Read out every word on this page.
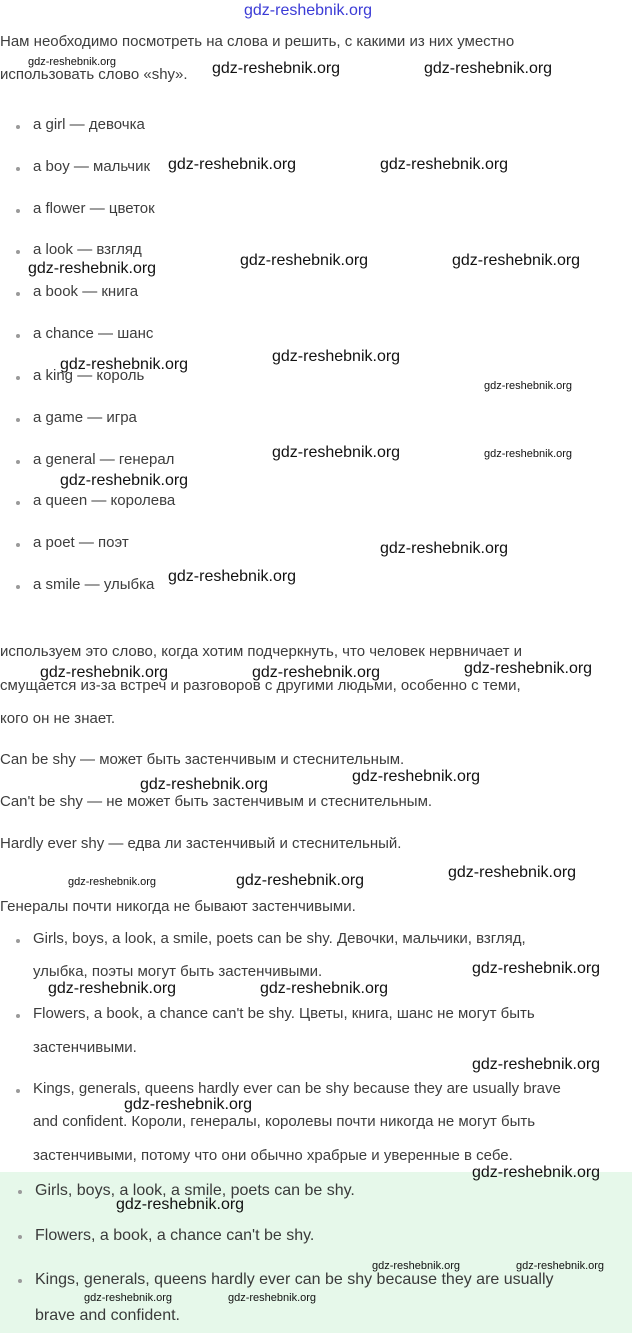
gdz-reshebnik.org
Нам необходимо посмотреть на слова и решить, с какими из них уместно
использовать слово «shy».
a girl — девочка
a boy — мальчик
a flower — цветок
a look — взгляд
a book — книга
a chance — шанс
a king — король
a game — игра
a general — генерал
a queen — королева
a poet — поэт
a smile — улыбка
используем это слово, когда хотим подчеркнуть, что человек нервничает и
смущается из-за встреч и разговоров с другими людьми, особенно с теми,
кого он не знает.
Can be shy — может быть застенчивым и стеснительным.
Can't be shy — не может быть застенчивым и стеснительным.
Hardly ever shy — едва ли застенчивый и стеснительный.
Генералы почти никогда не бывают застенчивыми.
Girls, boys, a look, a smile, poets can be shy. Девочки, мальчики, взгляд,
улыбка, поэты могут быть застенчивыми.
Flowers, a book, a chance can't be shy. Цветы, книга, шанс не могут быть
застенчивыми.
Kings, generals, queens hardly ever can be shy because they are usually brave
and confident. Короли, генералы, королевы почти никогда не могут быть
застенчивыми, потому что они обычно храбрые и уверенные в себе.
Girls, boys, a look, a smile, poets can be shy.
Flowers, a book, a chance can't be shy.
Kings, generals, queens hardly ever can be shy because they are usually
brave and confident.
gdz-reshebnik.org	gdz-reshebnik.org	gdz-reshebnik.org
gdz-reshebnik.org	gdz-reshebnik.org
gdz-reshebnik.org	gdz-reshebnik.org
gdz-reshebnik.org
gdz-reshebnik.org
gdz-reshebnik.org
gdz-reshebnik.org
gdz-reshebnik.org	gdz-reshebnik.org
gdz-reshebnik.org
gdz-reshebnik.org
gdz-reshebnik.org
gdz-reshebnik.org
gdz-reshebnik.org	gdz-reshebnik.org
gdz-reshebnik.org
gdz-reshebnik.org
gdz-reshebnik.org
gdz-reshebnik.org	gdz-reshebnik.org
gdz-reshebnik.org
gdz-reshebnik.org	gdz-reshebnik.org
gdz-reshebnik.org
gdz-reshebnik.org
gdz-reshebnik.org
gdz-reshebnik.org
gdz-reshebnik.org	gdz-reshebnik.org
gdz-reshebnik.org	gdz-reshebnik.org
